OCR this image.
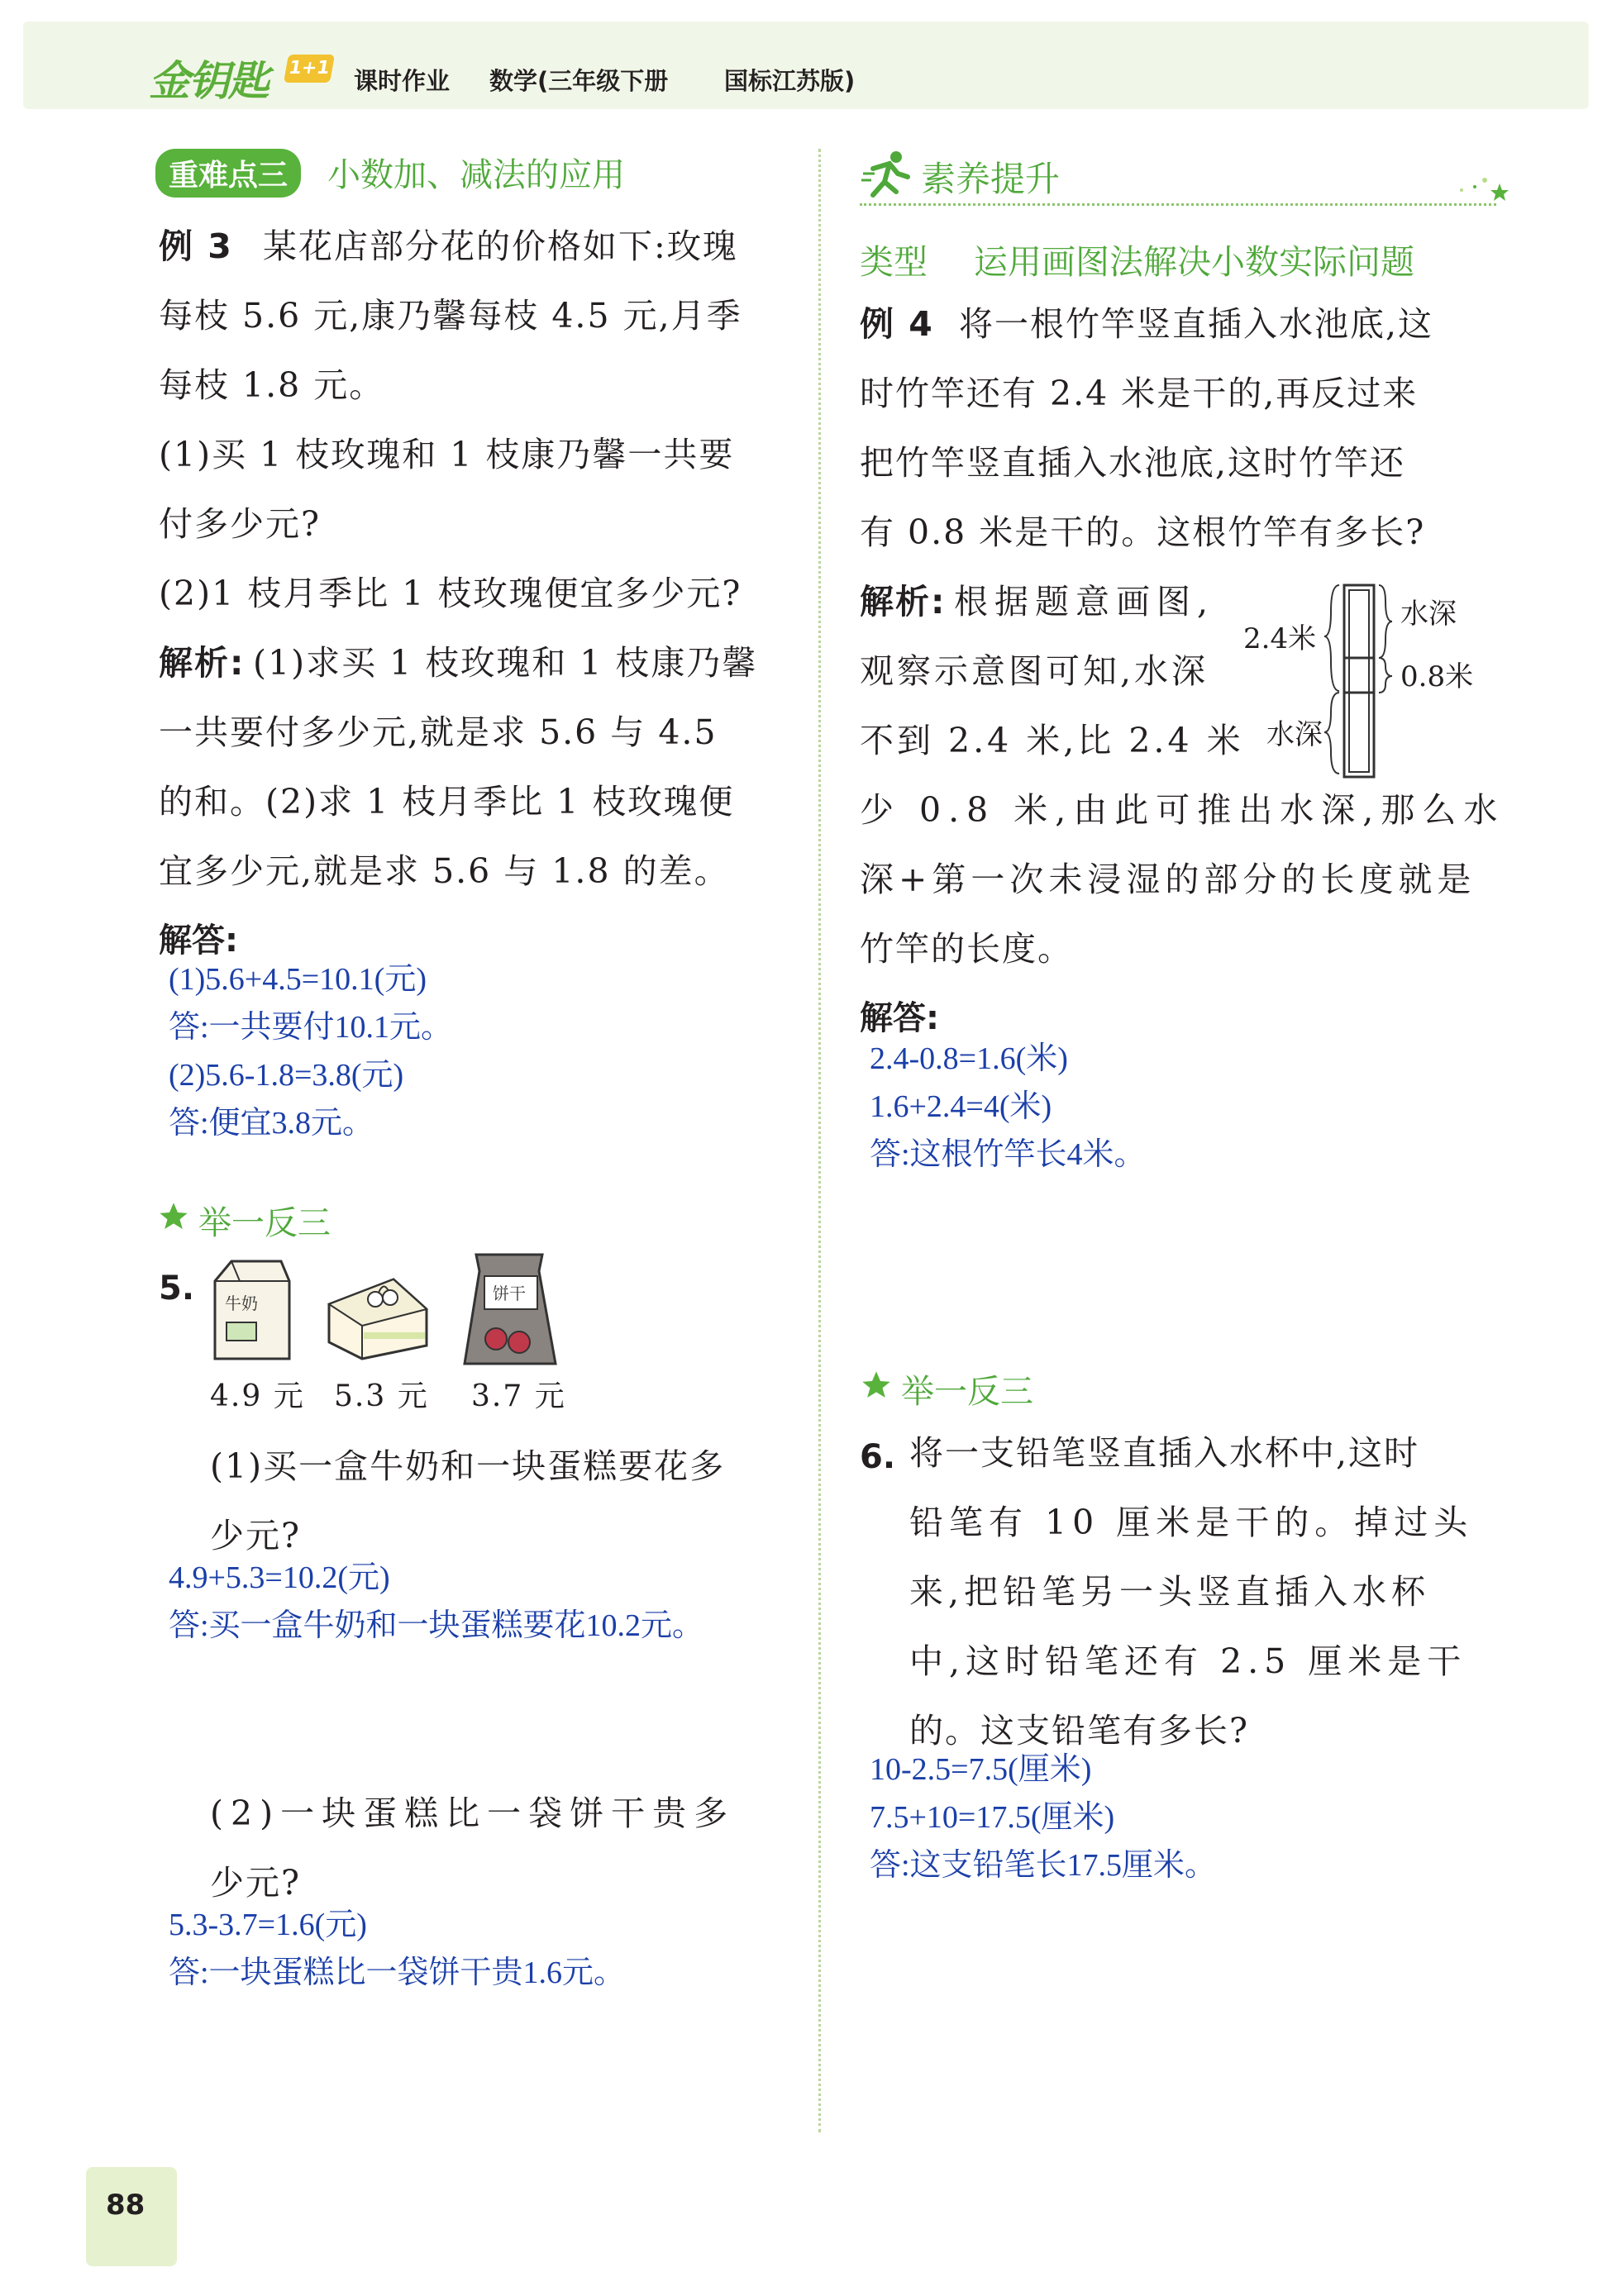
金钥匙 1+1 课时作业 数学(三年级下册 国标江苏版)
重难点三	小数加、减法的应用
例 3 某花店部分花的价格如下:玫瑰
每枝 5.6 元,康乃馨每枝 4.5 元,月季
每枝 1.8 元。
(1)买 1 枝玫瑰和 1 枝康乃馨一共要
付多少元?
(2)1 枝月季比 1 枝玫瑰便宜多少元?
解析: (1)求买 1 枝玫瑰和 1 枝康乃馨
一共要付多少元,就是求 5.6 与 4.5
的和。(2)求 1 枝月季比 1 枝玫瑰便
宜多少元,就是求 5.6 与 1.8 的差。
解答:
(1)5.6+4.5=10.1(元)
答:一共要付10.1元。
(2)5.6-1.8=3.8(元)
答:便宜3.8元。
举一反三
5. 牛奶	饼干
4.9 元 5.3 元 3.7 元
(1)买一盒牛奶和一块蛋糕要花多
少元?
4.9+5.3=10.2(元)
答:买一盒牛奶和一块蛋糕要花10.2元。
(2)一块蛋糕比一袋饼干贵多
少元?
5.3-3.7=1.6(元)
答:一块蛋糕比一袋饼干贵1.6元。
素养提升
类型 运用画图法解决小数实际问题
例 4 将一根竹竿竖直插入水池底,这
时竹竿还有 2.4 米是干的,再反过来
把竹竿竖直插入水池底,这时竹竿还
有 0.8 米是干的。这根竹竿有多长?
解析: 根据题意画图,
观察示意图可知,水深
不到 2.4 米,比 2.4 米
少 0.8 米,由此可推出水深,那么水
深+第一次未浸湿的部分的长度就是
竹竿的长度。
2.4米
水深
0.8米
水深
解答:
2.4-0.8=1.6(米)
1.6+2.4=4(米)
答:这根竹竿长4米。
举一反三
6. 将一支铅笔竖直插入水杯中,这时
铅笔有 10 厘米是干的。掉过头
来,把铅笔另一头竖直插入水杯
中,这时铅笔还有 2.5 厘米是干
的。这支铅笔有多长?
10-2.5=7.5(厘米)
7.5+10=17.5(厘米)
答:这支铅笔长17.5厘米。
88
